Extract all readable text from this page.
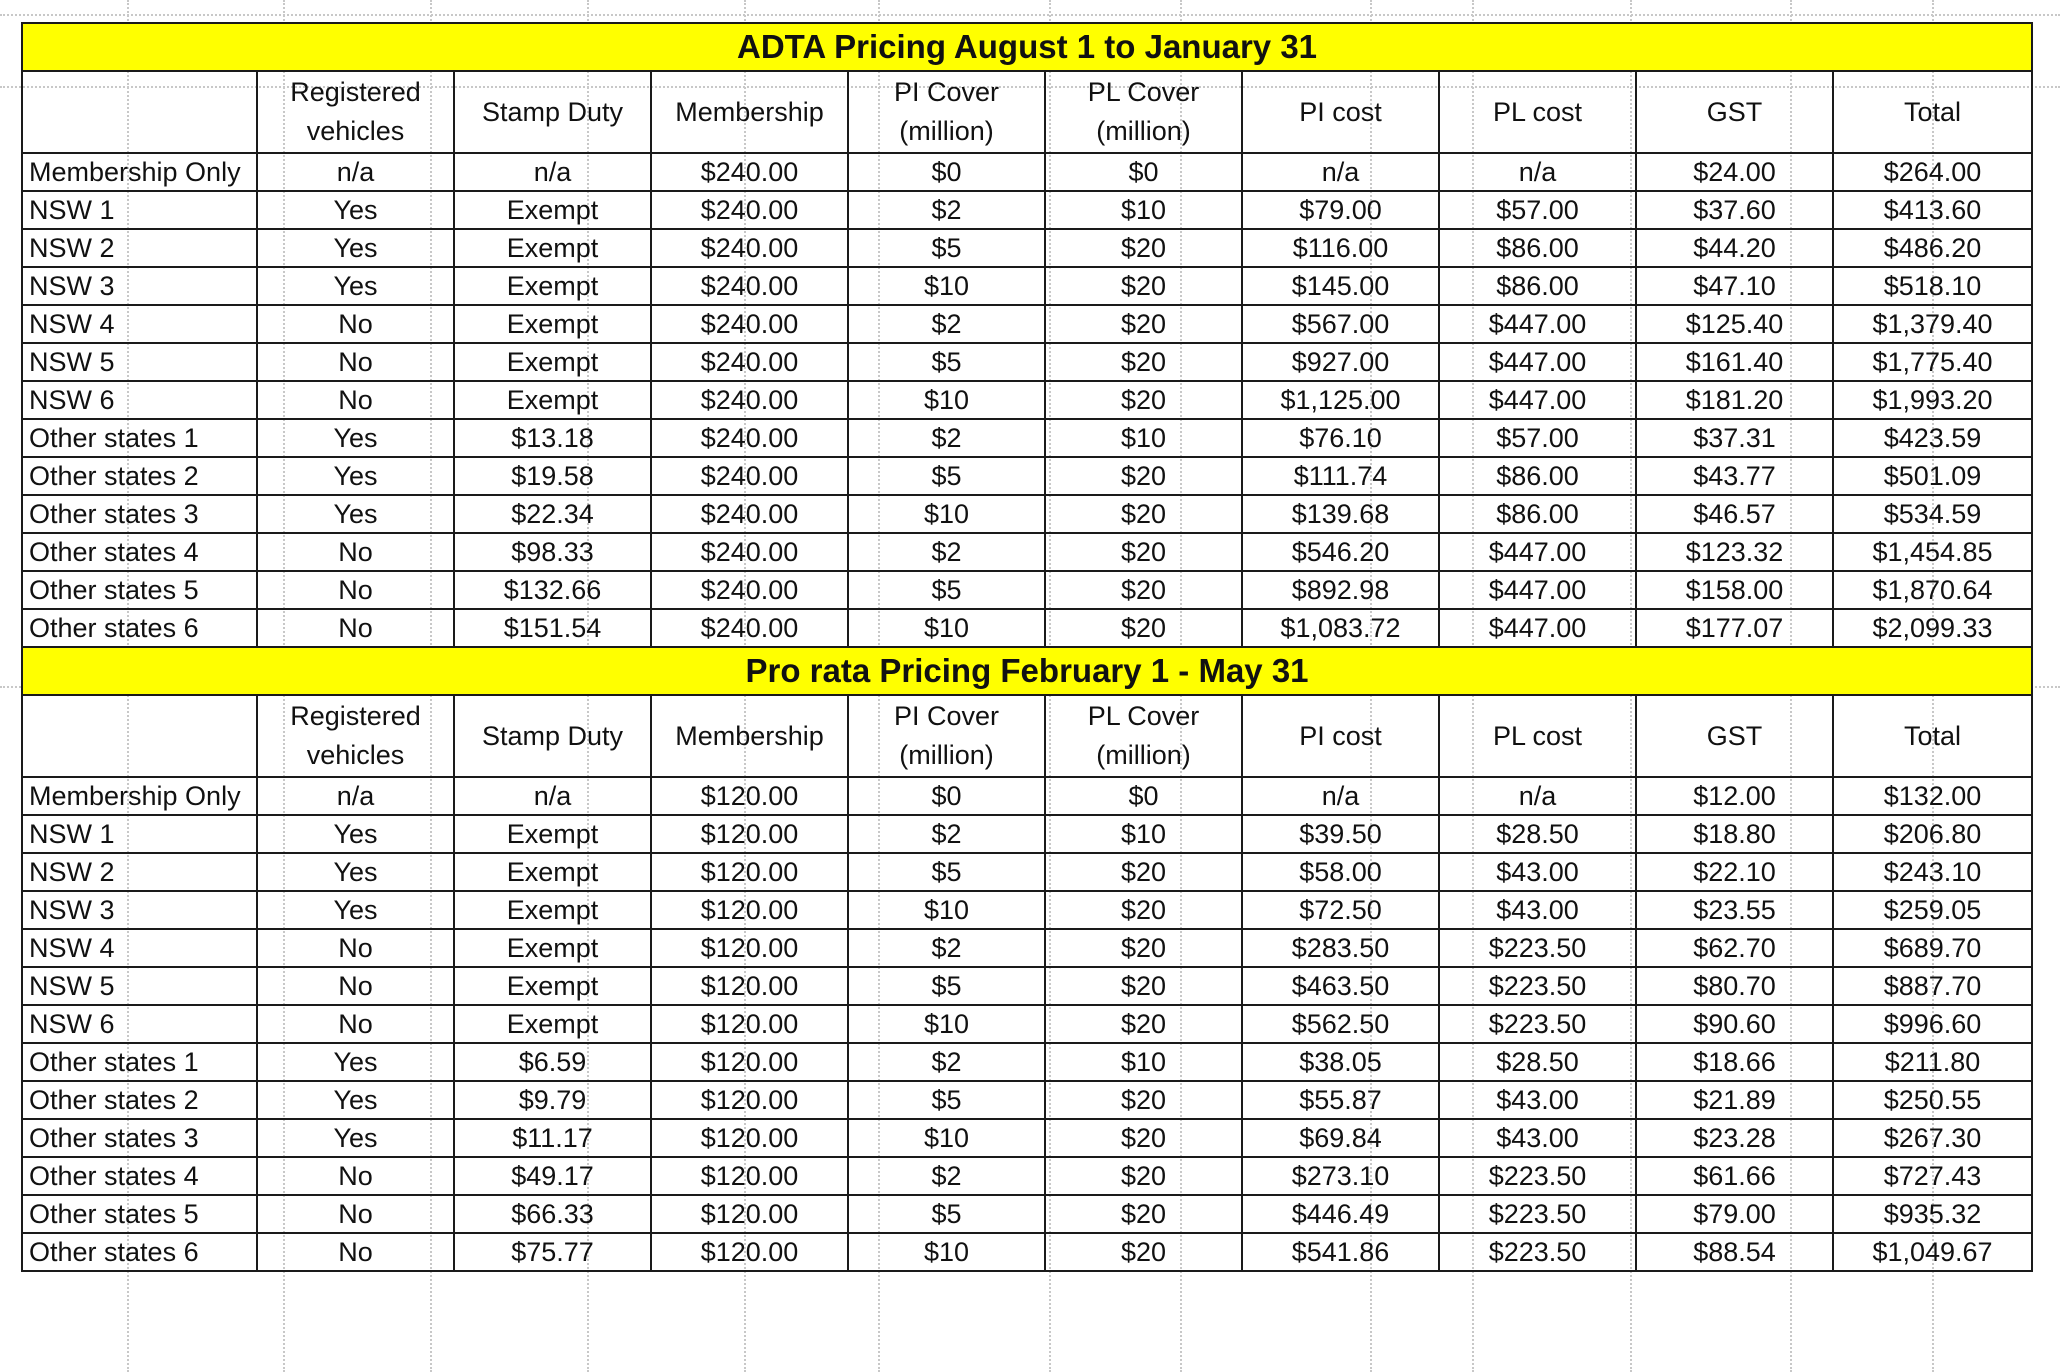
ADTA Pricing August 1 to January 31									
	Registered vehicles	Stamp Duty	Membership	PI Cover (million)	PL Cover (million)	PI cost	PL cost	GST	Total
Membership Only	n/a	n/a	$240.00	$0	$0	n/a	n/a	$24.00	$264.00
NSW 1	Yes	Exempt	$240.00	$2	$10	$79.00	$57.00	$37.60	$413.60
NSW 2	Yes	Exempt	$240.00	$5	$20	$116.00	$86.00	$44.20	$486.20
NSW 3	Yes	Exempt	$240.00	$10	$20	$145.00	$86.00	$47.10	$518.10
NSW 4	No	Exempt	$240.00	$2	$20	$567.00	$447.00	$125.40	$1,379.40
NSW 5	No	Exempt	$240.00	$5	$20	$927.00	$447.00	$161.40	$1,775.40
NSW 6	No	Exempt	$240.00	$10	$20	$1,125.00	$447.00	$181.20	$1,993.20
Other states 1	Yes	$13.18	$240.00	$2	$10	$76.10	$57.00	$37.31	$423.59
Other states 2	Yes	$19.58	$240.00	$5	$20	$111.74	$86.00	$43.77	$501.09
Other states 3	Yes	$22.34	$240.00	$10	$20	$139.68	$86.00	$46.57	$534.59
Other states 4	No	$98.33	$240.00	$2	$20	$546.20	$447.00	$123.32	$1,454.85
Other states 5	No	$132.66	$240.00	$5	$20	$892.98	$447.00	$158.00	$1,870.64
Other states 6	No	$151.54	$240.00	$10	$20	$1,083.72	$447.00	$177.07	$2,099.33
Pro rata Pricing February 1 - May 31									
	Registered vehicles	Stamp Duty	Membership	PI Cover (million)	PL Cover (million)	PI cost	PL cost	GST	Total
Membership Only	n/a	n/a	$120.00	$0	$0	n/a	n/a	$12.00	$132.00
NSW 1	Yes	Exempt	$120.00	$2	$10	$39.50	$28.50	$18.80	$206.80
NSW 2	Yes	Exempt	$120.00	$5	$20	$58.00	$43.00	$22.10	$243.10
NSW 3	Yes	Exempt	$120.00	$10	$20	$72.50	$43.00	$23.55	$259.05
NSW 4	No	Exempt	$120.00	$2	$20	$283.50	$223.50	$62.70	$689.70
NSW 5	No	Exempt	$120.00	$5	$20	$463.50	$223.50	$80.70	$887.70
NSW 6	No	Exempt	$120.00	$10	$20	$562.50	$223.50	$90.60	$996.60
Other states 1	Yes	$6.59	$120.00	$2	$10	$38.05	$28.50	$18.66	$211.80
Other states 2	Yes	$9.79	$120.00	$5	$20	$55.87	$43.00	$21.89	$250.55
Other states 3	Yes	$11.17	$120.00	$10	$20	$69.84	$43.00	$23.28	$267.30
Other states 4	No	$49.17	$120.00	$2	$20	$273.10	$223.50	$61.66	$727.43
Other states 5	No	$66.33	$120.00	$5	$20	$446.49	$223.50	$79.00	$935.32
Other states 6	No	$75.77	$120.00	$10	$20	$541.86	$223.50	$88.54	$1,049.67
